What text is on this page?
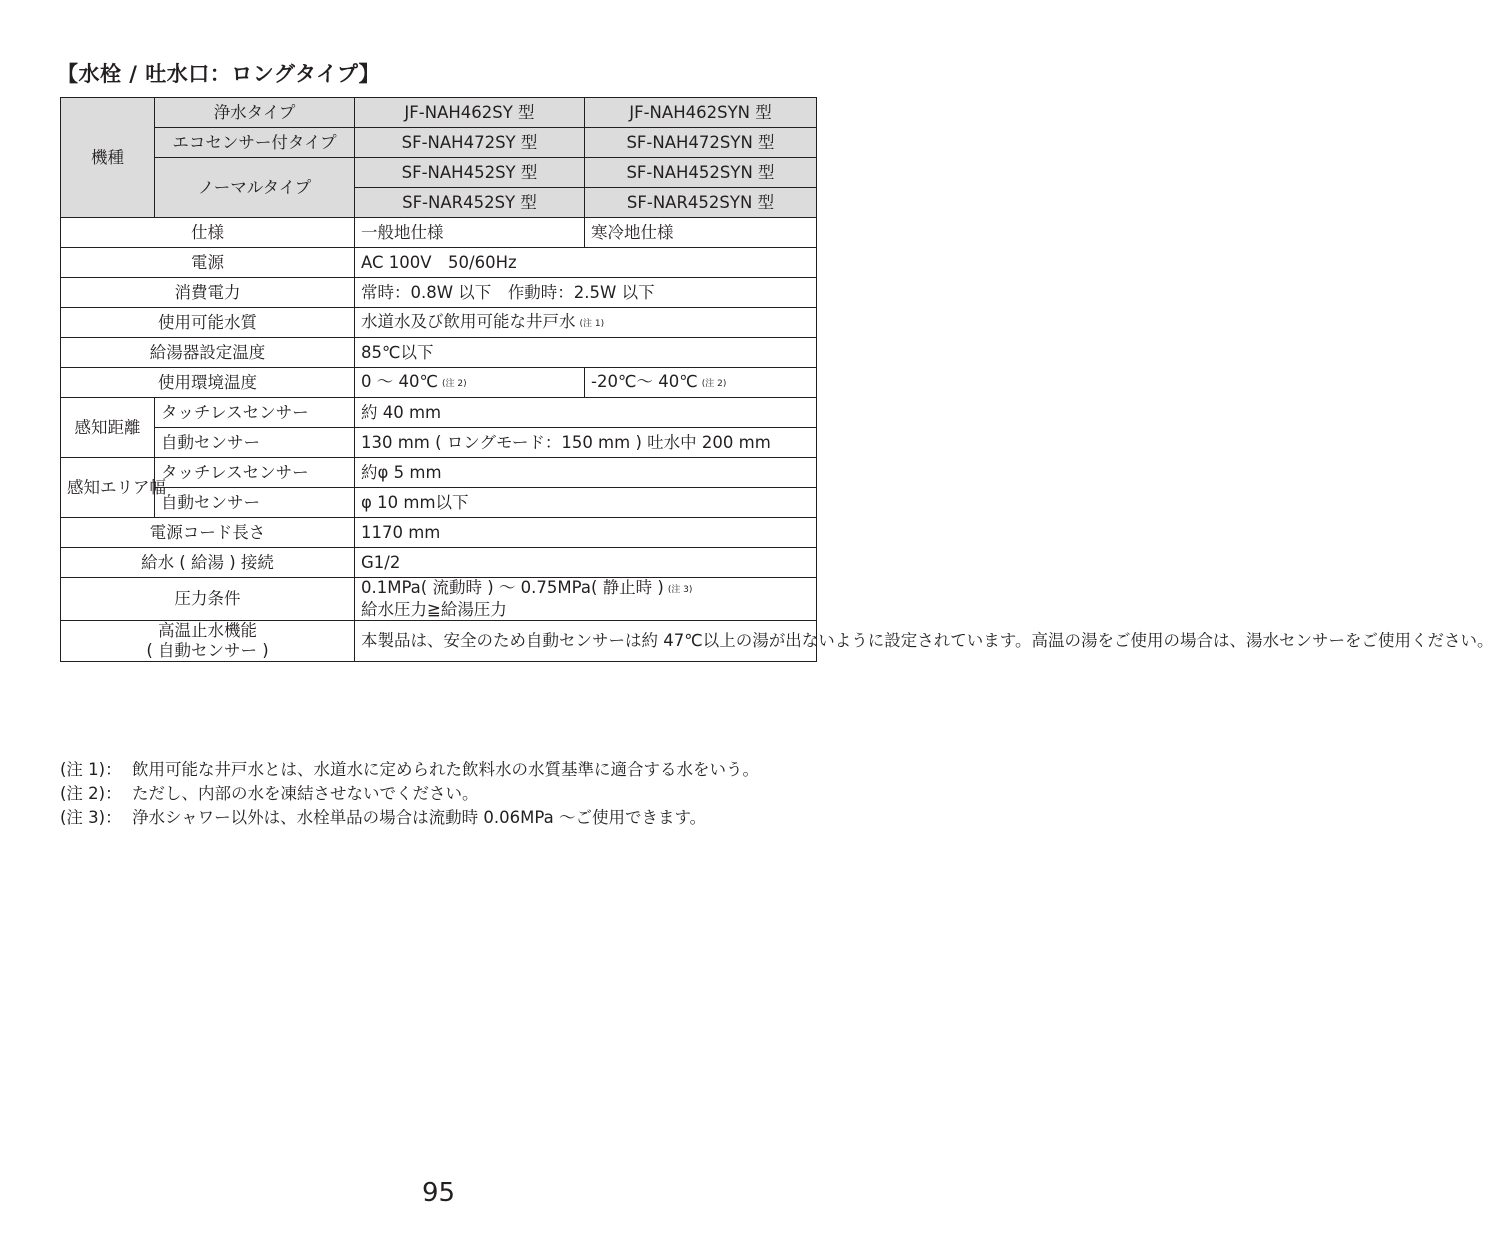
【水栓 / 吐水口：ロングタイプ】
機種	浄水タイプ	JF-NAH462SY 型	JF-NAH462SYN 型
	エコセンサー付タイプ	SF-NAH472SY 型	SF-NAH472SYN 型
	ノーマルタイプ	SF-NAH452SY 型	SF-NAH452SYN 型
		SF-NAR452SY 型	SF-NAR452SYN 型
仕様		一般地仕様	寒冷地仕様
電源		AC 100V　50/60Hz	
消費電力		常時：0.8W 以下　作動時：2.5W 以下	
使用可能水質		水道水及び飲用可能な井戸水 (注 1)	
給湯器設定温度		85℃以下	
使用環境温度		0 ～ 40℃ (注 2)	-20℃～ 40℃ (注 2)
感知距離	タッチレスセンサー	約 40 mm	
	自動センサー	130 mm ( ロングモード：150 mm ) 吐水中 200 mm	
感知エリア幅	タッチレスセンサー	約φ 5 mm	
	自動センサー	φ 10 mm以下	
電源コード長さ		1170 mm	
給水 ( 給湯 ) 接続		G1/2	
圧力条件		0.1MPa( 流動時 ) ～ 0.75MPa( 静止時 ) (注 3)
給水圧力≧給湯圧力	

高温止水機能
( 自動センサー )		本製品は、安全のため自動センサーは約 47℃以上の湯が出ないように設定されています。高温の湯をご使用の場合は、湯水センサーをご使用ください。	
(注 1)： 飲用可能な井戸水とは、水道水に定められた飲料水の水質基準に適合する水をいう。
(注 2)： ただし、内部の水を凍結させないでください。
(注 3)： 浄水シャワー以外は、水栓単品の場合は流動時 0.06MPa ～ご使用できます。
95
